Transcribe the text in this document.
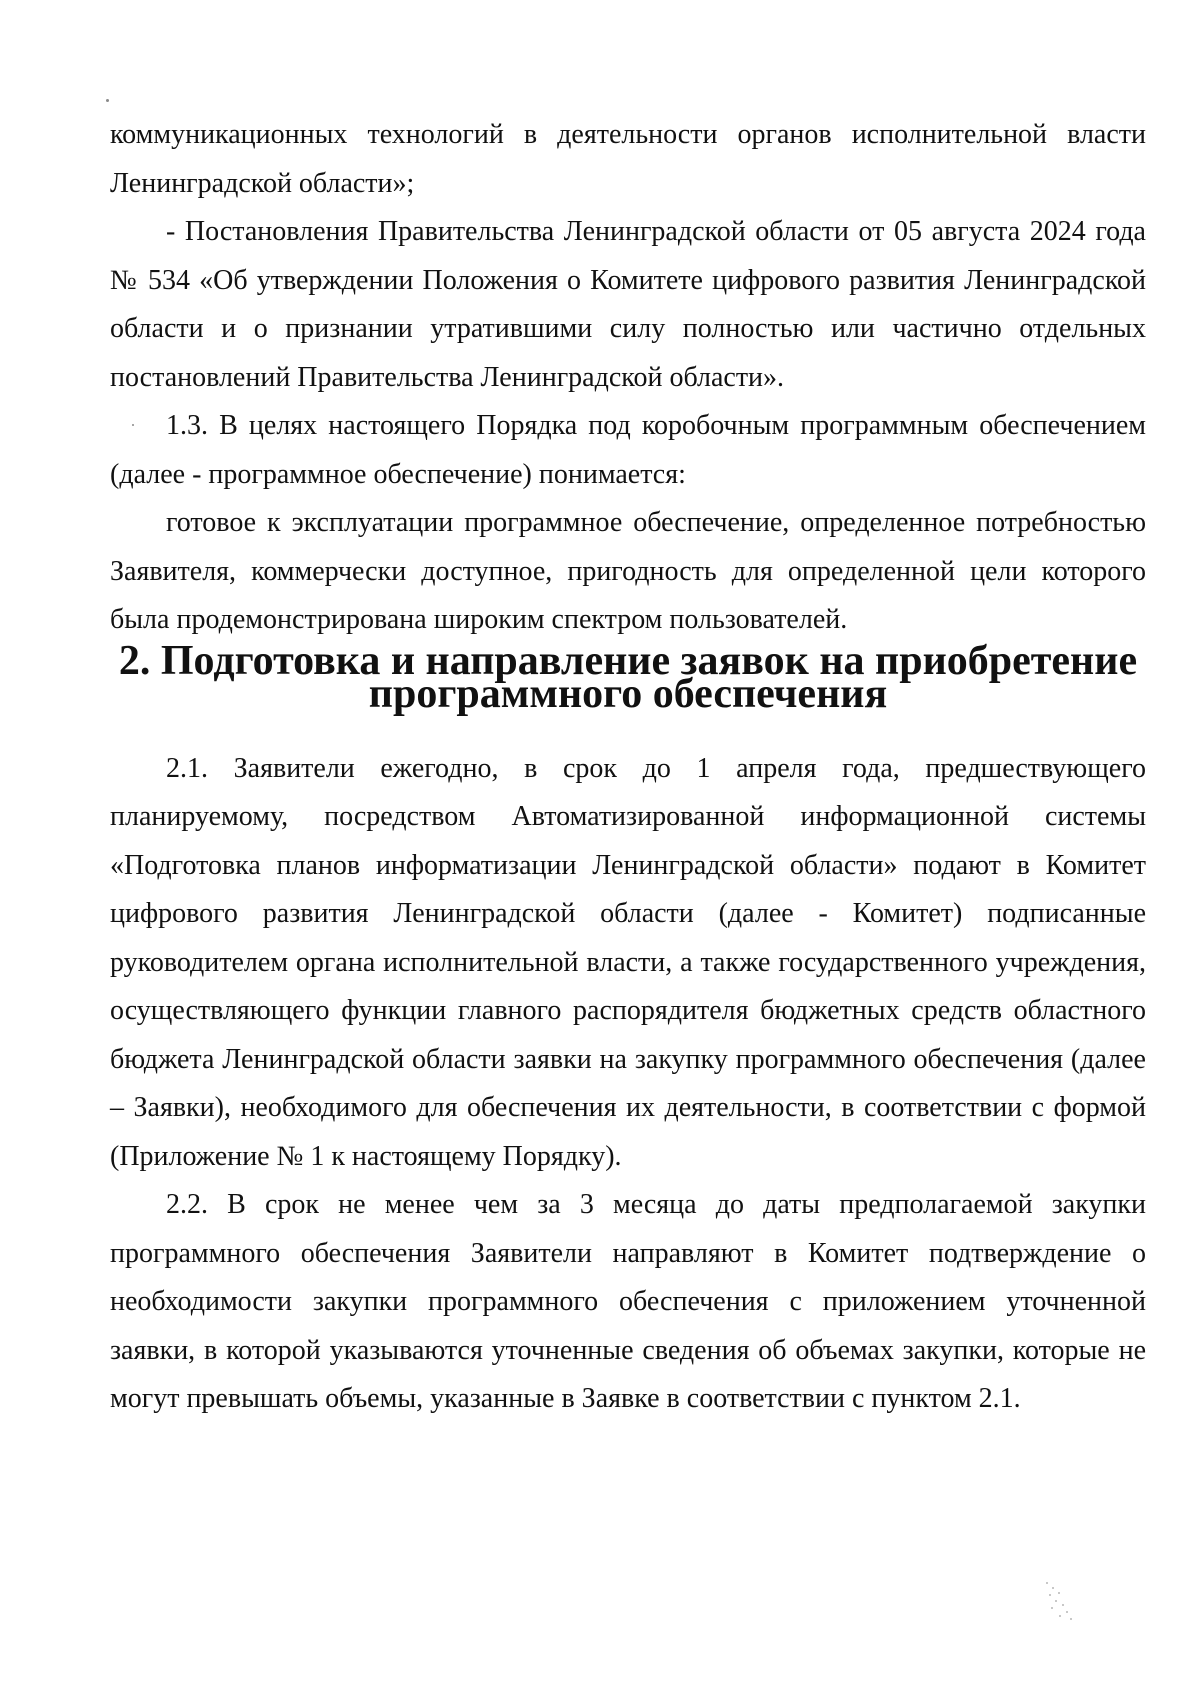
коммуникационных технологий в деятельности органов исполнительной власти Ленинградской области»;

- Постановления Правительства Ленинградской области от 05 августа 2024 года № 534 «Об утверждении Положения о Комитете цифрового развития Ленинградской области и о признании утратившими силу полностью или частично отдельных постановлений Правительства Ленинградской области».

1.3. В целях настоящего Порядка под коробочным программным обеспечением (далее - программное обеспечение) понимается:

готовое к эксплуатации программное обеспечение, определенное потребностью Заявителя, коммерчески доступное, пригодность для определенной цели которого была продемонстрирована широким спектром пользователей.

2. Подготовка и направление заявок на приобретение
программного обеспечения

2.1. Заявители ежегодно, в срок до 1 апреля года, предшествующего планируемому, посредством Автоматизированной информационной системы «Подготовка планов информатизации Ленинградской области» подают в Комитет цифрового развития Ленинградской области (далее - Комитет) подписанные руководителем органа исполнительной власти, а также государственного учреждения, осуществляющего функции главного распорядителя бюджетных средств областного бюджета Ленинградской области заявки на закупку программного обеспечения (далее – Заявки), необходимого для обеспечения их деятельности, в соответствии с формой (Приложение № 1 к настоящему Порядку).

2.2. В срок не менее чем за 3 месяца до даты предполагаемой закупки программного обеспечения Заявители направляют в Комитет подтверждение о необходимости закупки программного обеспечения с приложением уточненной заявки, в которой указываются уточненные сведения об объемах закупки, которые не могут превышать объемы, указанные в Заявке в соответствии с пунктом 2.1.
